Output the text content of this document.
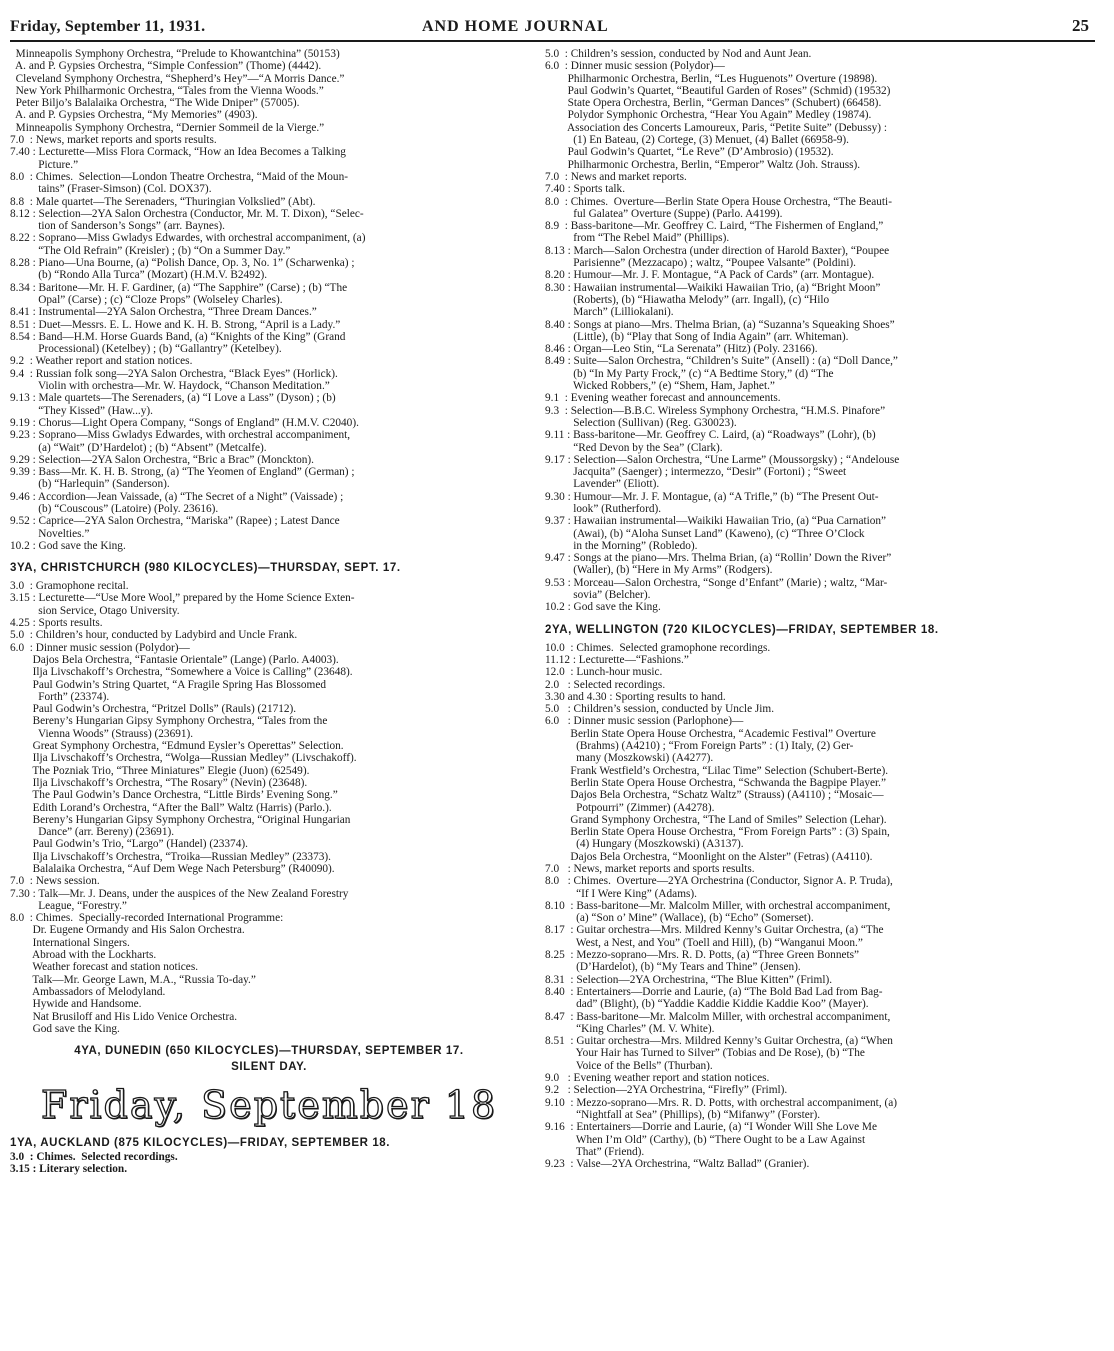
Friday, September 11, 1931.	AND HOME JOURNAL	25
Minneapolis Symphony Orchestra, “Prelude to Khowantchina” (50153)
A. and P. Gypsies Orchestra, “Simple Confession” (Thome) (4442).
Cleveland Symphony Orchestra, “Shepherd’s Hey”—“A Morris Dance.”
New York Philharmonic Orchestra, “Tales from the Vienna Woods.”
Peter Biljo’s Balalaika Orchestra, “The Wide Dniper” (57005).
A. and P. Gypsies Orchestra, “My Memories” (4903).
Minneapolis Symphony Orchestra, “Dernier Sommeil de la Vierge.”
7.0  : News, market reports and sports results.
7.40 : Lecturette—Miss Flora Cormack, “How an Idea Becomes a Talking
Picture.”
8.0  : Chimes.  Selection—London Theatre Orchestra, “Maid of the Moun-
tains” (Fraser-Simson) (Col. DOX37).
8.8  : Male quartet—The Serenaders, “Thuringian Volkslied” (Abt).
8.12 : Selection—2YA Salon Orchestra (Conductor, Mr. M. T. Dixon), “Selec-
tion of Sanderson’s Songs” (arr. Baynes).
8.22 : Soprano—Miss Gwladys Edwardes, with orchestral accompaniment, (a)
“The Old Refrain” (Kreisler) ; (b) “On a Summer Day.”
8.28 : Piano—Una Bourne, (a) “Polish Dance, Op. 3, No. 1” (Scharwenka) ;
(b) “Rondo Alla Turca” (Mozart) (H.M.V. B2492).
8.34 : Baritone—Mr. H. F. Gardiner, (a) “The Sapphire” (Carse) ; (b) “The
Opal” (Carse) ; (c) “Cloze Props” (Wolseley Charles).
8.41 : Instrumental—2YA Salon Orchestra, “Three Dream Dances.”
8.51 : Duet—Messrs. E. L. Howe and K. H. B. Strong, “April is a Lady.”
8.54 : Band—H.M. Horse Guards Band, (a) “Knights of the King” (Grand
Processional) (Ketelbey) ; (b) “Gallantry” (Ketelbey).
9.2  : Weather report and station notices.
9.4  : Russian folk song—2YA Salon Orchestra, “Black Eyes” (Horlick).
Violin with orchestra—Mr. W. Haydock, “Chanson Meditation.”
9.13 : Male quartets—The Serenaders, (a) “I Love a Lass” (Dyson) ; (b)
“They Kissed” (Haw...y).
9.19 : Chorus—Light Opera Company, “Songs of England” (H.M.V. C2040).
9.23 : Soprano—Miss Gwladys Edwardes, with orchestral accompaniment,
(a) “Wait” (D’Hardelot) ; (b) “Absent” (Metcalfe).
9.29 : Selection—2YA Salon Orchestra, “Bric a Brac” (Monckton).
9.39 : Bass—Mr. K. H. B. Strong, (a) “The Yeomen of England” (German) ;
(b) “Harlequin” (Sanderson).
9.46 : Accordion—Jean Vaissade, (a) “The Secret of a Night” (Vaissade) ;
(b) “Couscous” (Latoire) (Poly. 23616).
9.52 : Caprice—2YA Salon Orchestra, “Mariska” (Rapee) ; Latest Dance
Novelties.”
10.2 : God save the King.
3YA, CHRISTCHURCH (980 KILOCYCLES)—THURSDAY, SEPT. 17.
3.0  : Gramophone recital.
3.15 : Lecturette—“Use More Wool,” prepared by the Home Science Exten-
sion Service, Otago University.
4.25 : Sports results.
5.0  : Children’s hour, conducted by Ladybird and Uncle Frank.
6.0  : Dinner music session (Polydor)—
Dajos Bela Orchestra, “Fantasie Orientale” (Lange) (Parlo. A4003).
Ilja Livschakoff’s Orchestra, “Somewhere a Voice is Calling” (23648).
Paul Godwin’s String Quartet, “A Fragile Spring Has Blossomed
Forth” (23374).
Paul Godwin’s Orchestra, “Pritzel Dolls” (Rauls) (21712).
Bereny’s Hungarian Gipsy Symphony Orchestra, “Tales from the
Vienna Woods” (Strauss) (23691).
Great Symphony Orchestra, “Edmund Eysler’s Operettas” Selection.
Ilja Livschakoff’s Orchestra, “Wolga—Russian Medley” (Livschakoff).
The Pozniak Trio, “Three Miniatures” Elegie (Juon) (62549).
Ilja Livschakoff’s Orchestra, “The Rosary” (Nevin) (23648).
The Paul Godwin’s Dance Orchestra, “Little Birds’ Evening Song.”
Edith Lorand’s Orchestra, “After the Ball” Waltz (Harris) (Parlo.).
Bereny’s Hungarian Gipsy Symphony Orchestra, “Original Hungarian
Dance” (arr. Bereny) (23691).
Paul Godwin’s Trio, “Largo” (Handel) (23374).
Ilja Livschakoff’s Orchestra, “Troika—Russian Medley” (23373).
Balalaika Orchestra, “Auf Dem Wege Nach Petersburg” (R40090).
7.0  : News session.
7.30 : Talk—Mr. J. Deans, under the auspices of the New Zealand Forestry
League, “Forestry.”
8.0  : Chimes.  Specially-recorded International Programme:
Dr. Eugene Ormandy and His Salon Orchestra.
International Singers.
Abroad with the Lockharts.
Weather forecast and station notices.
Talk—Mr. George Lawn, M.A., “Russia To-day.”
Ambassadors of Melodyland.
Hywide and Handsome.
Nat Brusiloff and His Lido Venice Orchestra.
God save the King.
4YA, DUNEDIN (650 KILOCYCLES)—THURSDAY, SEPTEMBER 17.
SILENT DAY.
Friday, September 18
1YA, AUCKLAND (875 KILOCYCLES)—FRIDAY, SEPTEMBER 18.
3.0  : Chimes.  Selected recordings.
3.15 : Literary selection.
5.0  : Children’s session, conducted by Nod and Aunt Jean.
6.0  : Dinner music session (Polydor)—
Philharmonic Orchestra, Berlin, “Les Huguenots” Overture (19898).
Paul Godwin’s Quartet, “Beautiful Garden of Roses” (Schmid) (19532)
State Opera Orchestra, Berlin, “German Dances” (Schubert) (66458).
Polydor Symphonic Orchestra, “Hear You Again” Medley (19874).
Association des Concerts Lamoureux, Paris, “Petite Suite” (Debussy) :
(1) En Bateau, (2) Cortege, (3) Menuet, (4) Ballet (66958-9).
Paul Godwin’s Quartet, “Le Reve” (D’Ambrosio) (19532).
Philharmonic Orchestra, Berlin, “Emperor” Waltz (Joh. Strauss).
7.0  : News and market reports.
7.40 : Sports talk.
8.0  : Chimes.  Overture—Berlin State Opera House Orchestra, “The Beauti-
ful Galatea” Overture (Suppe) (Parlo. A4199).
8.9  : Bass-baritone—Mr. Geoffrey C. Laird, “The Fishermen of England,”
from “The Rebel Maid” (Phillips).
8.13 : March—Salon Orchestra (under direction of Harold Baxter), “Poupee
Parisienne” (Mezzacapo) ; waltz, “Poupee Valsante” (Poldini).
8.20 : Humour—Mr. J. F. Montague, “A Pack of Cards” (arr. Montague).
8.30 : Hawaiian instrumental—Waikiki Hawaiian Trio, (a) “Bright Moon”
(Roberts), (b) “Hiawatha Melody” (arr. Ingall), (c) “Hilo
March” (Lilliokalani).
8.40 : Songs at piano—Mrs. Thelma Brian, (a) “Suzanna’s Squeaking Shoes”
(Little), (b) “Play that Song of India Again” (arr. Whiteman).
8.46 : Organ—Leo Stin, “La Serenata” (Hitz) (Poly. 23166).
8.49 : Suite—Salon Orchestra, “Children’s Suite” (Ansell) : (a) “Doll Dance,”
(b) “In My Party Frock,” (c) “A Bedtime Story,” (d) “The
Wicked Robbers,” (e) “Shem, Ham, Japhet.”
9.1  : Evening weather forecast and announcements.
9.3  : Selection—B.B.C. Wireless Symphony Orchestra, “H.M.S. Pinafore”
Selection (Sullivan) (Reg. G30023).
9.11 : Bass-baritone—Mr. Geoffrey C. Laird, (a) “Roadways” (Lohr), (b)
“Red Devon by the Sea” (Clark).
9.17 : Selection—Salon Orchestra, “Une Larme” (Moussorgsky) ; “Andelouse
Jacquita” (Saenger) ; intermezzo, “Desir” (Fortoni) ; “Sweet
Lavender” (Eliott).
9.30 : Humour—Mr. J. F. Montague, (a) “A Trifle,” (b) “The Present Out-
look” (Rutherford).
9.37 : Hawaiian instrumental—Waikiki Hawaiian Trio, (a) “Pua Carnation”
(Awai), (b) “Aloha Sunset Land” (Kaweno), (c) “Three O’Clock
in the Morning” (Robledo).
9.47 : Songs at the piano—Mrs. Thelma Brian, (a) “Rollin’ Down the River”
(Waller), (b) “Here in My Arms” (Rodgers).
9.53 : Morceau—Salon Orchestra, “Songe d’Enfant” (Marie) ; waltz, “Mar-
sovia” (Belcher).
10.2 : God save the King.
2YA, WELLINGTON (720 KILOCYCLES)—FRIDAY, SEPTEMBER 18.
10.0  : Chimes.  Selected gramophone recordings.
11.12 : Lecturette—“Fashions.”
12.0  : Lunch-hour music.
2.0   : Selected recordings.
3.30 and 4.30 : Sporting results to hand.
5.0   : Children’s session, conducted by Uncle Jim.
6.0   : Dinner music session (Parlophone)—
Berlin State Opera House Orchestra, “Academic Festival” Overture
(Brahms) (A4210) ; “From Foreign Parts” : (1) Italy, (2) Ger-
many (Moszkowski) (A4277).
Frank Westfield’s Orchestra, “Lilac Time” Selection (Schubert-Berte).
Berlin State Opera House Orchestra, “Schwanda the Bagpipe Player.”
Dajos Bela Orchestra, “Schatz Waltz” (Strauss) (A4110) ; “Mosaic—
Potpourri” (Zimmer) (A4278).
Grand Symphony Orchestra, “The Land of Smiles” Selection (Lehar).
Berlin State Opera House Orchestra, “From Foreign Parts” : (3) Spain,
(4) Hungary (Moszkowski) (A3137).
Dajos Bela Orchestra, “Moonlight on the Alster” (Fetras) (A4110).
7.0   : News, market reports and sports results.
8.0   : Chimes.  Overture—2YA Orchestrina (Conductor, Signor A. P. Truda),
“If I Were King” (Adams).
8.10  : Bass-baritone—Mr. Malcolm Miller, with orchestral accompaniment,
(a) “Son o’ Mine” (Wallace), (b) “Echo” (Somerset).
8.17  : Guitar orchestra—Mrs. Mildred Kenny’s Guitar Orchestra, (a) “The
West, a Nest, and You” (Toell and Hill), (b) “Wanganui Moon.”
8.25  : Mezzo-soprano—Mrs. R. D. Potts, (a) “Three Green Bonnets”
(D’Hardelot), (b) “My Tears and Thine” (Jensen).
8.31  : Selection—2YA Orchestrina, “The Blue Kitten” (Friml).
8.40  : Entertainers—Dorrie and Laurie, (a) “The Bold Bad Lad from Bag-
dad” (Blight), (b) “Yaddie Kaddie Kiddie Kaddie Koo” (Mayer).
8.47  : Bass-baritone—Mr. Malcolm Miller, with orchestral accompaniment,
“King Charles” (M. V. White).
8.51  : Guitar orchestra—Mrs. Mildred Kenny’s Guitar Orchestra, (a) “When
Your Hair has Turned to Silver” (Tobias and De Rose), (b) “The
Voice of the Bells” (Thurban).
9.0   : Evening weather report and station notices.
9.2   : Selection—2YA Orchestrina, “Firefly” (Friml).
9.10  : Mezzo-soprano—Mrs. R. D. Potts, with orchestral accompaniment, (a)
“Nightfall at Sea” (Phillips), (b) “Mifanwy” (Forster).
9.16  : Entertainers—Dorrie and Laurie, (a) “I Wonder Will She Love Me
When I’m Old” (Carthy), (b) “There Ought to be a Law Against
That” (Friend).
9.23  : Valse—2YA Orchestrina, “Waltz Ballad” (Granier).
